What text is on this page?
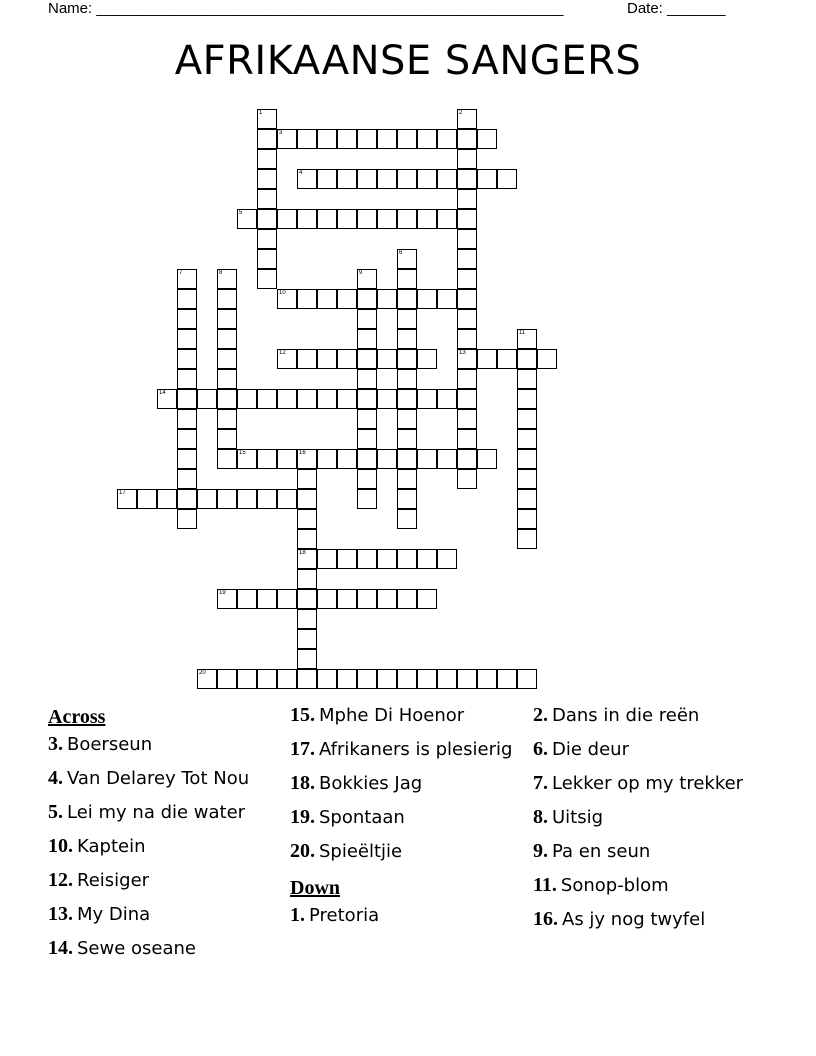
Name: ________________________________________________________	Date: _______
AFRIKAANSE SANGERS
1	2
13
3
4
5
6
7	8	9
10
11
12
14
15	16
18
17
19
20
Across
3. Boerseun
4. Van Delarey Tot Nou
5. Lei my na die water
10. Kaptein
12. Reisiger
13. My Dina
14. Sewe oseane
15. Mphe Di Hoenor
17. Afrikaners is plesierig
18. Bokkies Jag
19. Spontaan
20. Spieëltjie
Down
1. Pretoria
2. Dans in die reën
6. Die deur
7. Lekker op my trekker
8. Uitsig
9. Pa en seun
11. Sonop-blom
16. As jy nog twyfel
